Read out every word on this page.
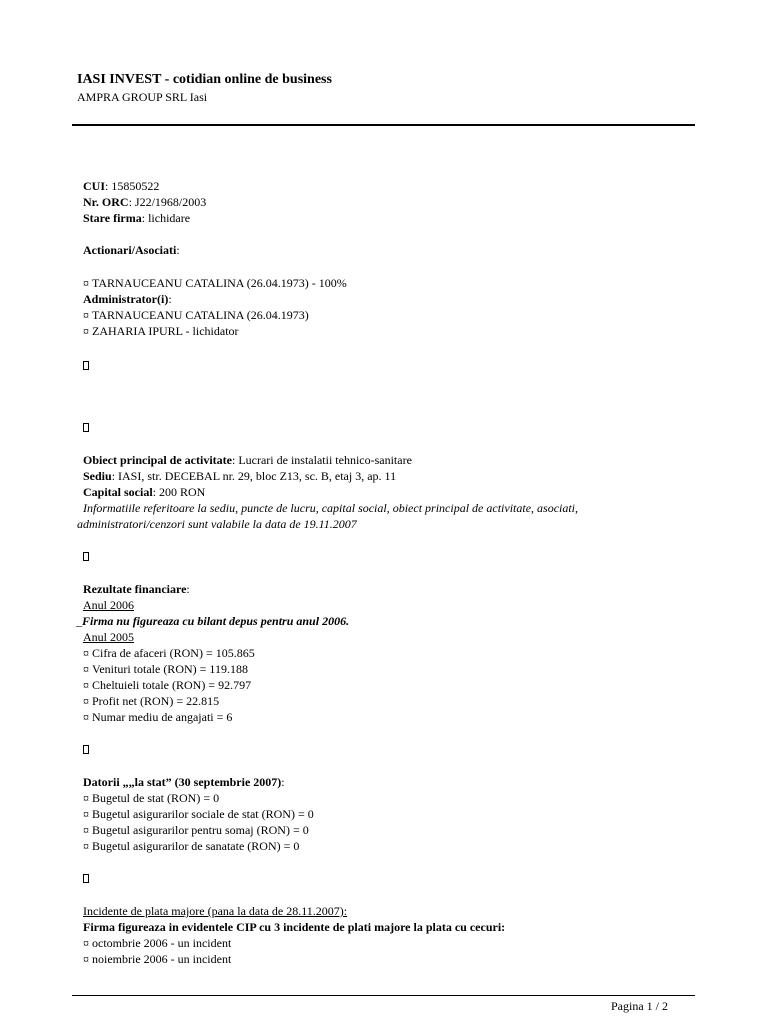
IASI INVEST - cotidian online de business
AMPRA GROUP SRL Iasi
CUI: 15850522
Nr. ORC: J22/1968/2003
Stare firma: lichidare
Actionari/Asociati:
¤ TARNAUCEANU CATALINA (26.04.1973) - 100%
Administrator(i):
¤ TARNAUCEANU CATALINA (26.04.1973)
¤ ZAHARIA IPURL - lichidator
Obiect principal de activitate: Lucrari de instalatii tehnico-sanitare
Sediu: IASI, str. DECEBAL nr. 29, bloc Z13, sc. B, etaj 3, ap. 11
Capital social: 200 RON
Informatiile referitoare la sediu, puncte de lucru, capital social, obiect principal de activitate, asociati,
administratori/cenzori sunt valabile la data de 19.11.2007
Rezultate financiare:
Anul 2006
_Firma nu figureaza cu bilant depus pentru anul 2006.
Anul 2005
¤ Cifra de afaceri (RON) = 105.865
¤ Venituri totale (RON) = 119.188
¤ Cheltuieli totale (RON) = 92.797
¤ Profit net (RON) = 22.815
¤ Numar mediu de angajati = 6
Datorii „„la stat” (30 septembrie 2007):
¤ Bugetul de stat (RON) = 0
¤ Bugetul asigurarilor sociale de stat (RON) = 0
¤ Bugetul asigurarilor pentru somaj (RON) = 0
¤ Bugetul asigurarilor de sanatate (RON) = 0
Incidente de plata majore (pana la data de 28.11.2007):
Firma figureaza in evidentele CIP cu 3 incidente de plati majore la plata cu cecuri:
¤ octombrie 2006 - un incident
¤ noiembrie 2006 - un incident
Pagina 1 / 2
